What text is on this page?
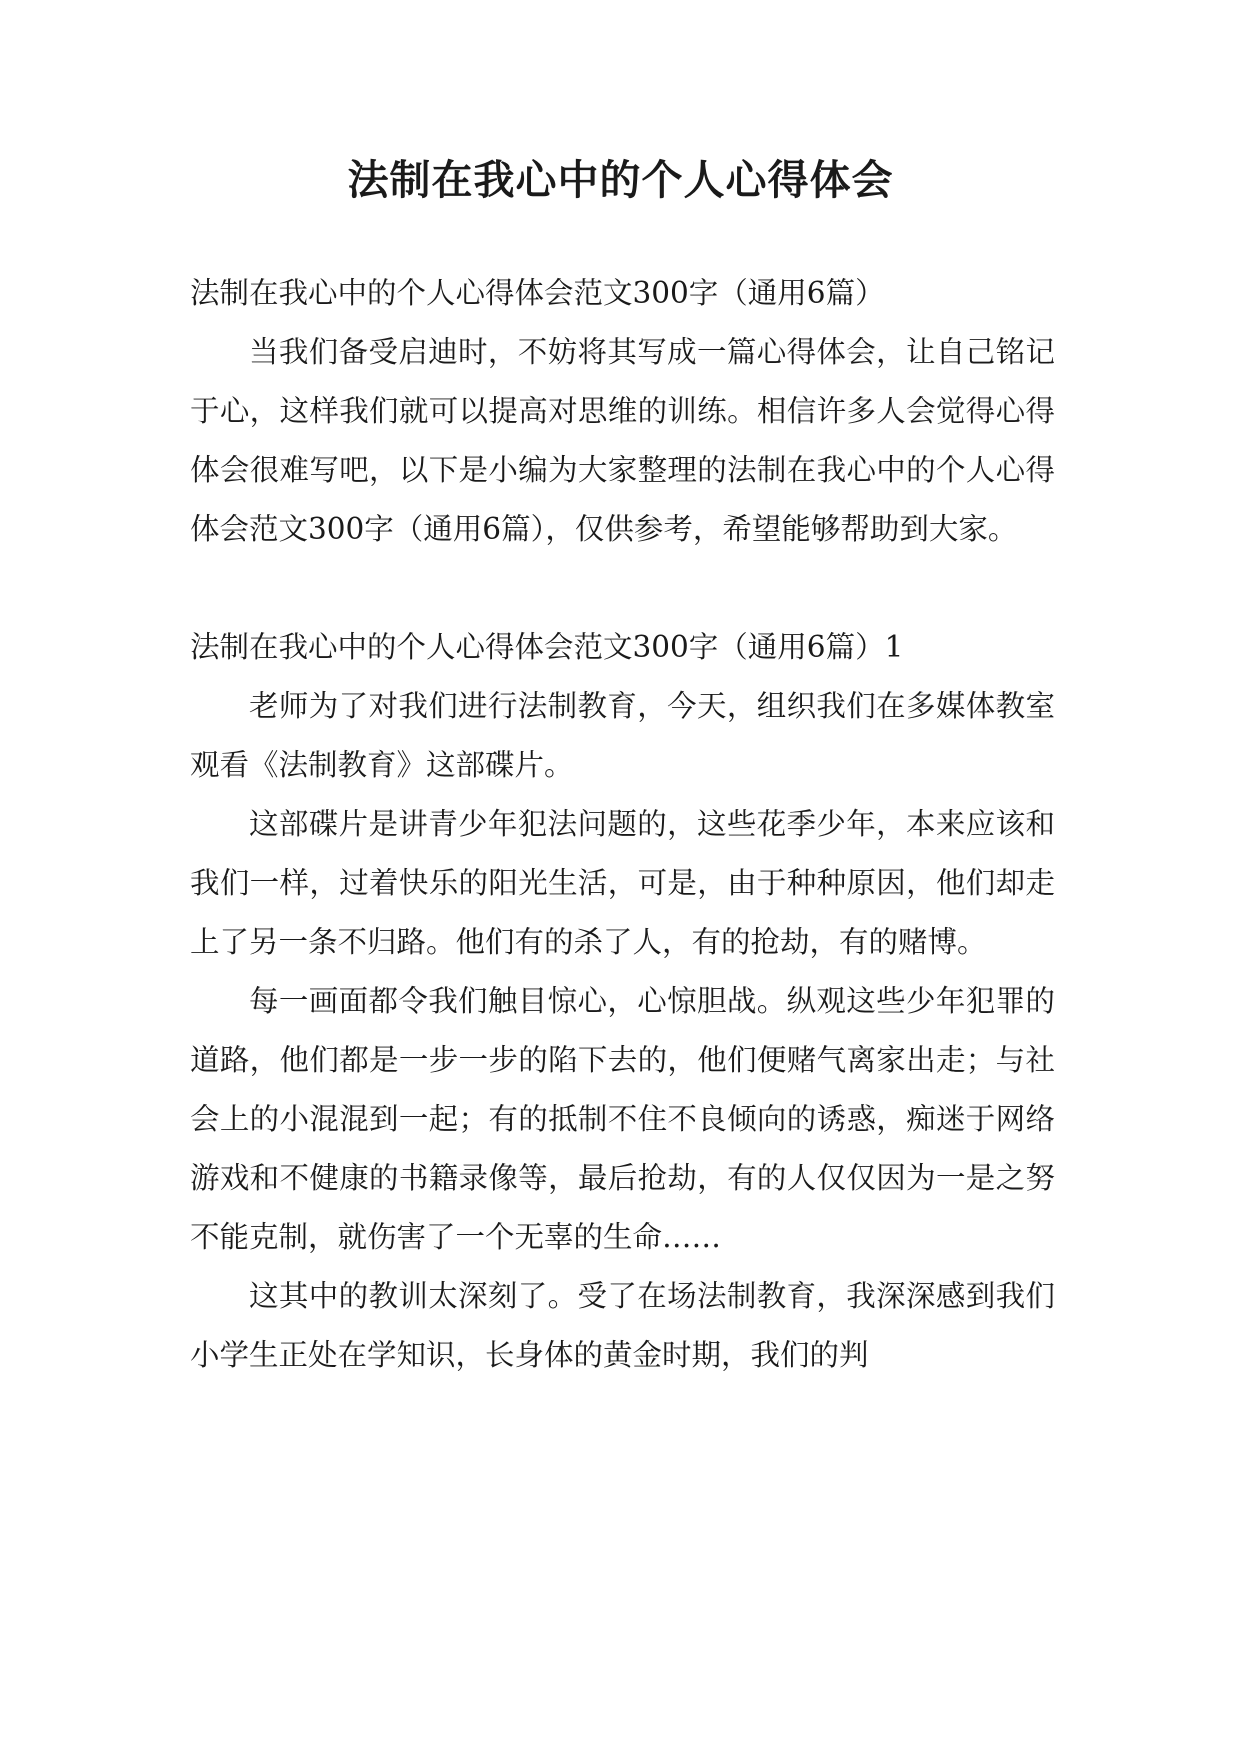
法制在我心中的个人心得体会

法制在我心中的个人心得体会范文300字（通用6篇）

当我们备受启迪时，不妨将其写成一篇心得体会，让自己铭记于心，这样我们就可以提高对思维的训练。相信许多人会觉得心得体会很难写吧，以下是小编为大家整理的法制在我心中的个人心得体会范文300字（通用6篇），仅供参考，希望能够帮助到大家。

法制在我心中的个人心得体会范文300字（通用6篇）1

老师为了对我们进行法制教育，今天，组织我们在多媒体教室观看《法制教育》这部碟片。

这部碟片是讲青少年犯法问题的，这些花季少年，本来应该和我们一样，过着快乐的阳光生活，可是，由于种种原因，他们却走上了另一条不归路。他们有的杀了人，有的抢劫，有的赌博。

每一画面都令我们触目惊心，心惊胆战。纵观这些少年犯罪的道路，他们都是一步一步的陷下去的，他们便赌气离家出走；与社会上的小混混到一起；有的抵制不住不良倾向的诱惑，痴迷于网络游戏和不健康的书籍录像等，最后抢劫，有的人仅仅因为一是之努不能克制，就伤害了一个无辜的生命……

这其中的教训太深刻了。受了在场法制教育，我深深感到我们小学生正处在学知识，长身体的黄金时期，我们的判
